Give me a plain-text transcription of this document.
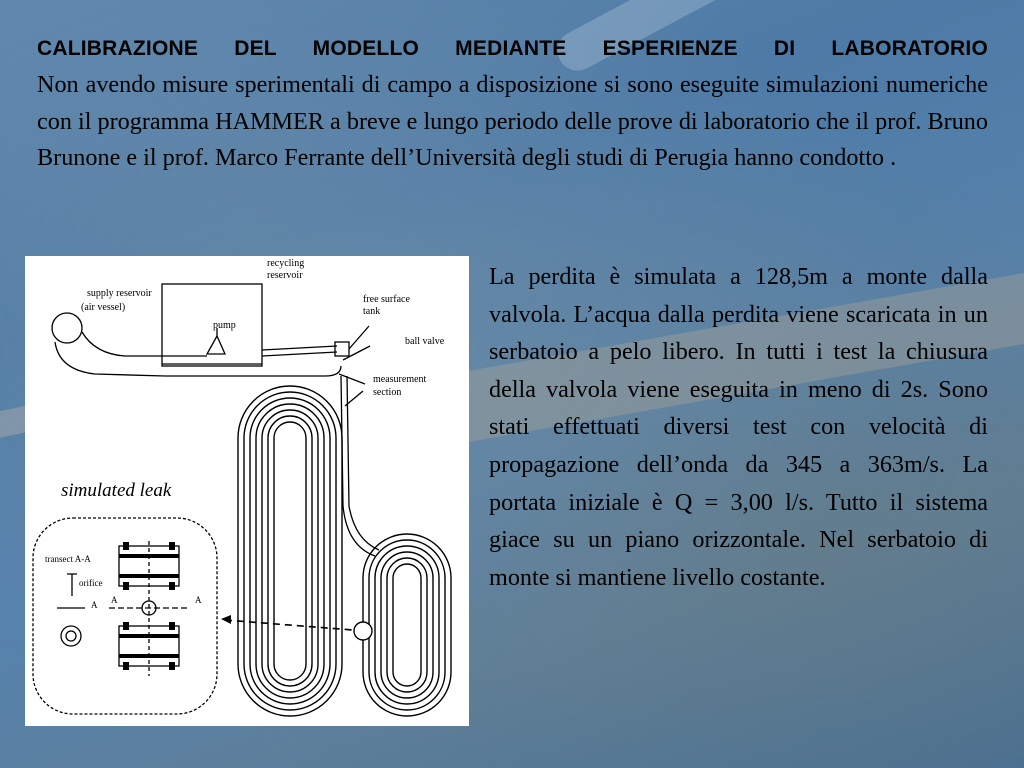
CALIBRAZIONE DEL MODELLO MEDIANTE ESPERIENZE DI LABORATORIO
Non avendo misure sperimentali di campo a disposizione si sono eseguite simulazioni numeriche con il programma HAMMER a breve e lungo periodo delle prove di laboratorio che il prof. Bruno Brunone e il prof. Marco Ferrante dell’Università degli studi di Perugia hanno condotto .
recycling
reservoir
supply reservoir
(air vessel)
pump
free surface
tank
ball valve
measurement
section
simulated leak
transect A-A
orifice
A A	A
La perdita è simulata a 128,5m a monte dalla valvola. L’acqua dalla perdita viene scaricata in un serbatoio a pelo libero. In tutti i test la chiusura della valvola viene eseguita in meno di 2s. Sono stati effettuati diversi test con velocità di propagazione dell’onda da 345 a 363m/s. La portata iniziale è Q = 3,00 l/s. Tutto il sistema giace su un piano orizzontale. Nel serbatoio di monte si mantiene livello costante.
